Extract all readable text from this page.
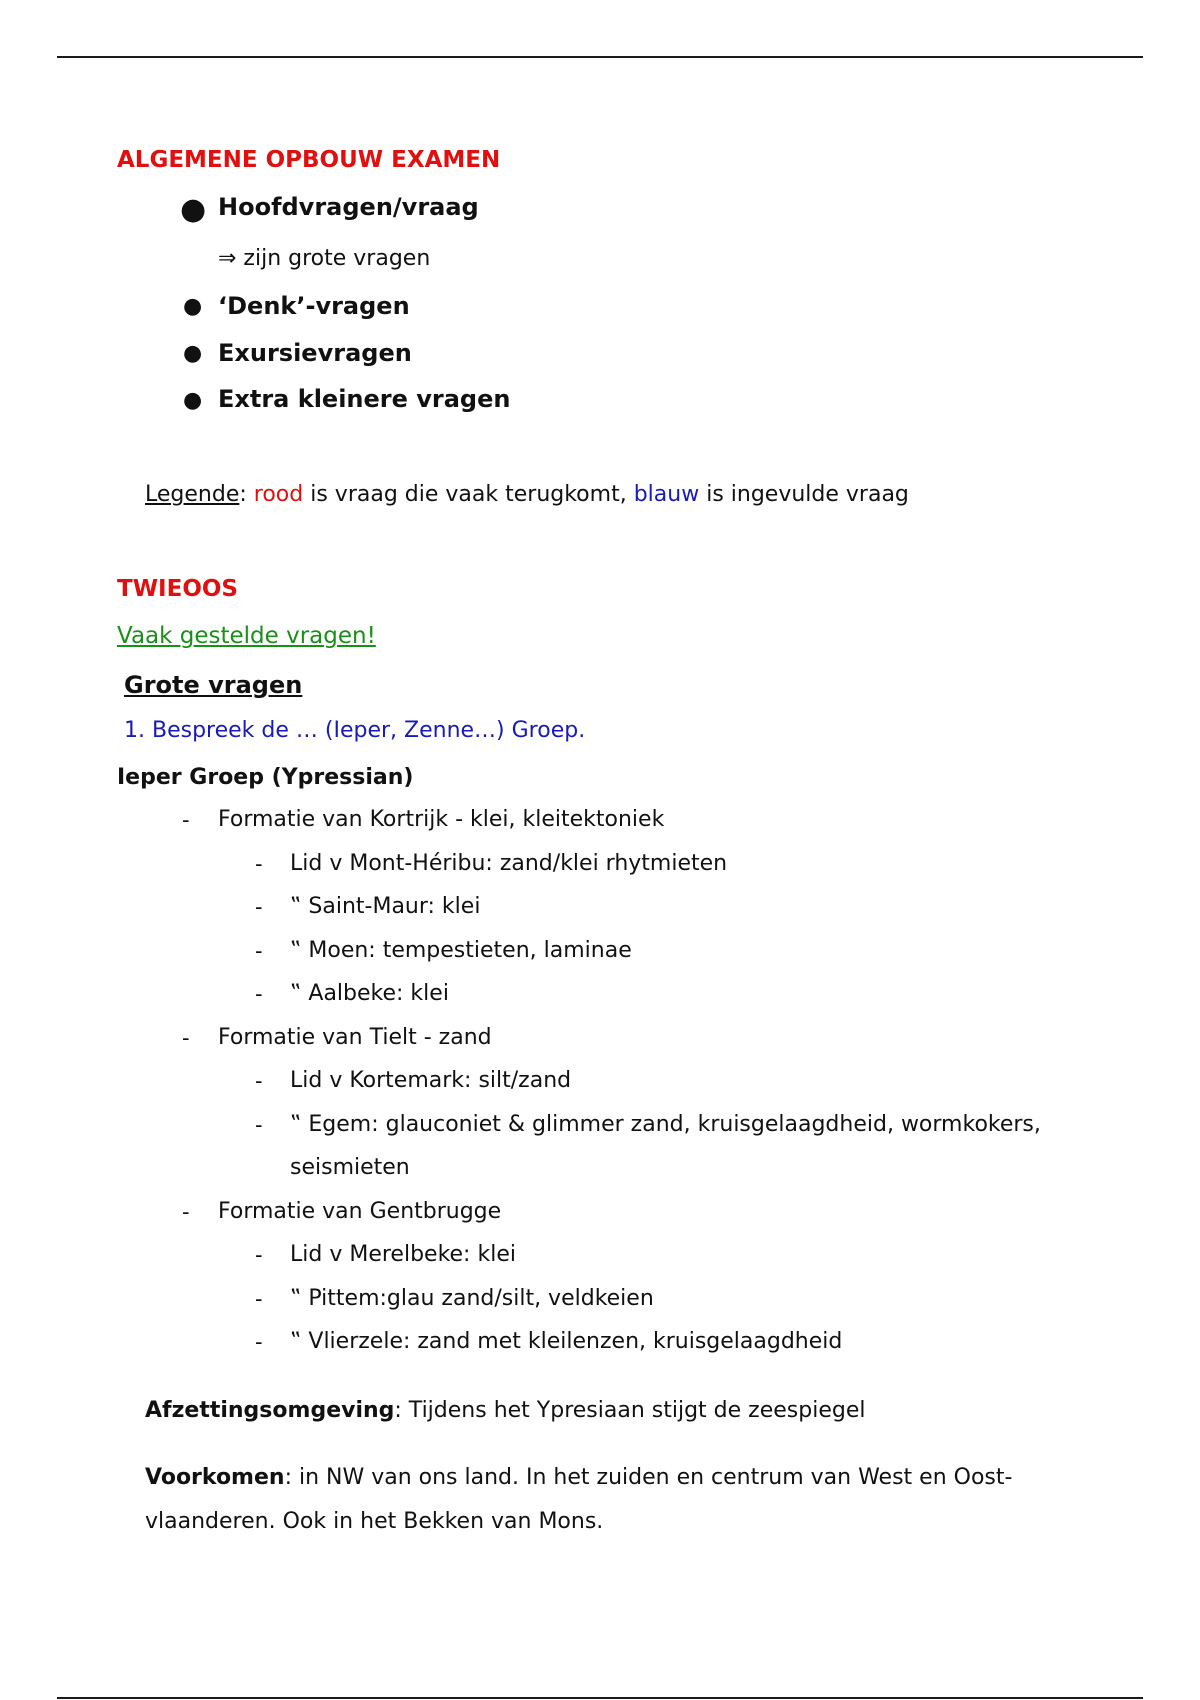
ALGEMENE OPBOUW EXAMEN
● Hoofdvragen/vraag
⇒ zijn grote vragen
● ‘Denk’-vragen
● Exursievragen
● Extra kleinere vragen
Legende: rood is vraag die vaak terugkomt, blauw is ingevulde vraag
TWIEOOS
Vaak gestelde vragen!
Grote vragen
1. Bespreek de … (Ieper, Zenne…) Groep.
Ieper Groep (Ypressian)
- Formatie van Kortrijk - klei, kleitektoniek
- Lid v Mont-Héribu: zand/klei rhytmieten
- ‟ Saint-Maur: klei
- ‟ Moen: tempestieten, laminae
- ‟ Aalbeke: klei
- Formatie van Tielt - zand
- Lid v Kortemark: silt/zand
- ‟ Egem: glauconiet & glimmer zand, kruisgelaagdheid, wormkokers,
seismieten
- Formatie van Gentbrugge
- Lid v Merelbeke: klei
- ‟ Pittem:glau zand/silt, veldkeien
- ‟ Vlierzele: zand met kleilenzen, kruisgelaagdheid
Afzettingsomgeving: Tijdens het Ypresiaan stijgt de zeespiegel
Voorkomen: in NW van ons land. In het zuiden en centrum van West en Oost-
vlaanderen. Ook in het Bekken van Mons.
